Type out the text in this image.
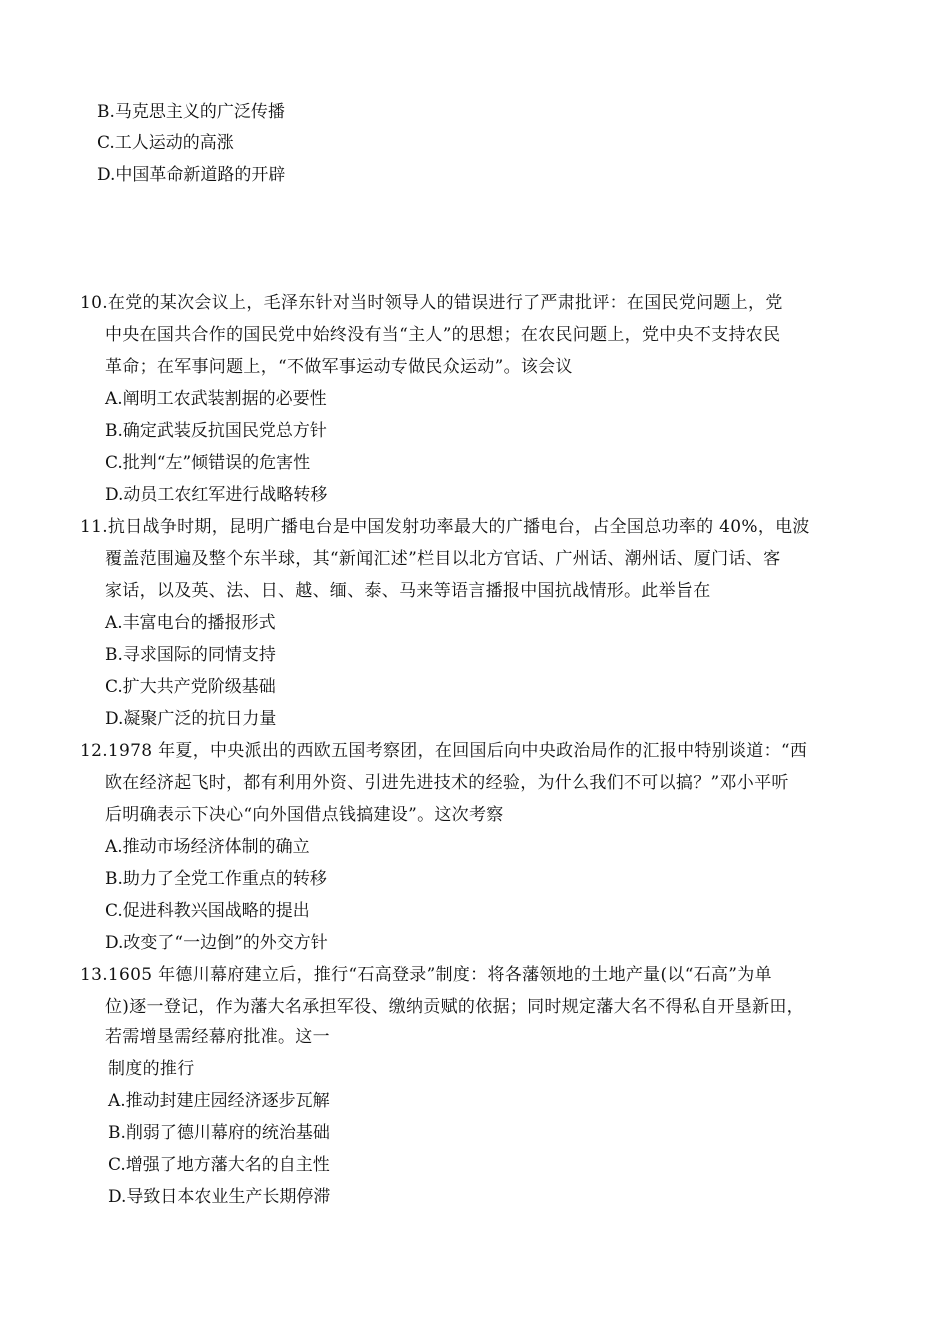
B.马克思主义的广泛传播
C.工人运动的高涨
D.中国革命新道路的开辟
10.在党的某次会议上，毛泽东针对当时领导人的错误进行了严肃批评：在国民党问题上，党
中央在国共合作的国民党中始终没有当“主人”的思想；在农民问题上，党中央不支持农民
革命；在军事问题上，“不做军事运动专做民众运动”。该会议
A.阐明工农武装割据的必要性
B.确定武装反抗国民党总方针
C.批判“左”倾错误的危害性
D.动员工农红军进行战略转移
11.抗日战争时期，昆明广播电台是中国发射功率最大的广播电台，占全国总功率的 40%，电波
覆盖范围遍及整个东半球，其“新闻汇述”栏目以北方官话、广州话、潮州话、厦门话、客
家话，以及英、法、日、越、缅、泰、马来等语言播报中国抗战情形。此举旨在
A.丰富电台的播报形式
B.寻求国际的同情支持
C.扩大共产党阶级基础
D.凝聚广泛的抗日力量
12.1978 年夏，中央派出的西欧五国考察团，在回国后向中央政治局作的汇报中特别谈道：“西
欧在经济起飞时，都有利用外资、引进先进技术的经验，为什么我们不可以搞？”邓小平听
后明确表示下决心“向外国借点钱搞建设”。这次考察
A.推动市场经济体制的确立
B.助力了全党工作重点的转移
C.促进科教兴国战略的提出
D.改变了“一边倒”的外交方针
13.1605 年德川幕府建立后，推行“石高登录”制度：将各藩领地的土地产量(以“石高”为单
位)逐一登记，作为藩大名承担军役、缴纳贡赋的依据；同时规定藩大名不得私自开垦新田，
若需增垦需经幕府批准。这一
制度的推行
A.推动封建庄园经济逐步瓦解
B.削弱了德川幕府的统治基础
C.增强了地方藩大名的自主性
D.导致日本农业生产长期停滞
